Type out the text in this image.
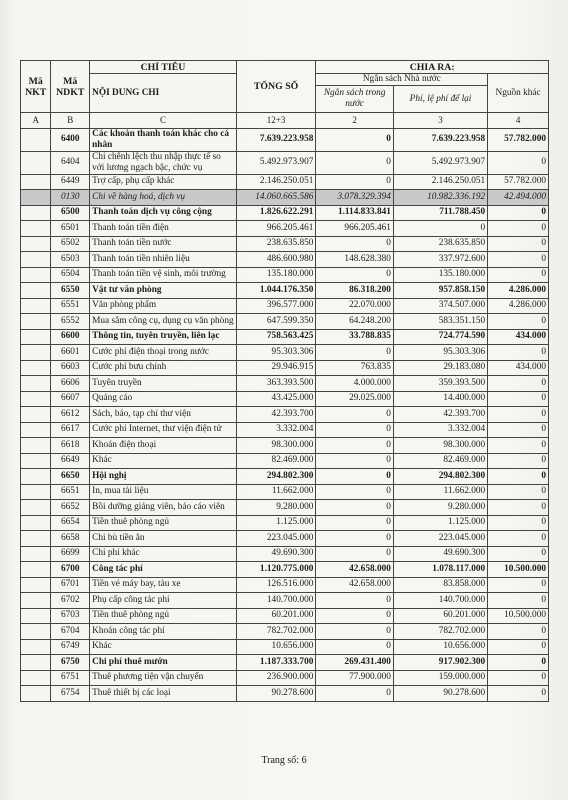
Mã NKT	Mã NDKT	CHỈ TIÊU	TỔNG SỐ	CHIA RA:		
		NỘI DUNG CHI		Ngân sách Nhà nước		Nguồn khác
				Ngân sách trong nước	Phí, lệ phí để lại	
A	B	C	12+3	2	3	4
	6400	Các khoản thanh toán khác cho cá nhân	7.639.223.958	0	7.639.223.958	57.782.000
	6404	Chi chênh lệch thu nhập thực tế so với lương ngạch bậc, chức vụ	5.492.973.907	0	5.492.973.907	0
	6449	Trợ cấp, phụ cấp khác	2.146.250.051	0	2.146.250.051	57.782.000
	0130	Chi về hàng hoá, dịch vụ	14.060.665.586	3.078.329.394	10.982.336.192	42.494.000
	6500	Thanh toán dịch vụ công cộng	1.826.622.291	1.114.833.841	711.788.450	0
	6501	Thanh toán tiền điện	966.205.461	966.205.461	0	0
	6502	Thanh toán tiền nước	238.635.850	0	238.635.850	0
	6503	Thanh toán tiền nhiên liệu	486.600.980	148.628.380	337.972.600	0
	6504	Thanh toán tiền vệ sinh, môi trường	135.180.000	0	135.180.000	0
	6550	Vật tư văn phòng	1.044.176.350	86.318.200	957.858.150	4.286.000
	6551	Văn phòng phẩm	396.577.000	22.070.000	374.507.000	4.286.000
	6552	Mua sắm công cụ, dụng cụ văn phòng	647.599.350	64.248.200	583.351.150	0
	6600	Thông tin, tuyên truyền, liên lạc	758.563.425	33.788.835	724.774.590	434.000
	6601	Cước phí điện thoại trong nước	95.303.306	0	95.303.306	0
	6603	Cước phí bưu chính	29.946.915	763.835	29.183.080	434.000
	6606	Tuyên truyền	363.393.500	4.000.000	359.393.500	0
	6607	Quảng cáo	43.425.000	29.025.000	14.400.000	0
	6612	Sách, báo, tạp chí thư viện	42.393.700	0	42.393.700	0
	6617	Cước phí Internet, thư viện điện tử	3.332.004	0	3.332.004	0
	6618	Khoán điện thoại	98.300.000	0	98.300.000	0
	6649	Khác	82.469.000	0	82.469.000	0
	6650	Hội nghị	294.802.300	0	294.802.300	0
	6651	In, mua tài liệu	11.662.000	0	11.662.000	0
	6652	Bồi dưỡng giảng viên, báo cáo viên	9.280.000	0	9.280.000	0
	6654	Tiền thuê phòng ngủ	1.125.000	0	1.125.000	0
	6658	Chi bù tiền ăn	223.045.000	0	223.045.000	0
	6699	Chi phí khác	49.690.300	0	49.690.300	0
	6700	Công tác phí	1.120.775.000	42.658.000	1.078.117.000	10.500.000
	6701	Tiền vé máy bay, tàu xe	126.516.000	42.658.000	83.858.000	0
	6702	Phụ cấp công tác phí	140.700.000	0	140.700.000	0
	6703	Tiền thuê phòng ngủ	60.201.000	0	60.201.000	10.500.000
	6704	Khoán công tác phí	782.702.000	0	782.702.000	0
	6749	Khác	10.656.000	0	10.656.000	0
	6750	Chi phí thuê mướn	1.187.333.700	269.431.400	917.902.300	0
	6751	Thuê phương tiện vận chuyển	236.900.000	77.900.000	159.000.000	0
	6754	Thuê thiết bị các loại	90.278.600	0	90.278.600	0
Trang số: 6
